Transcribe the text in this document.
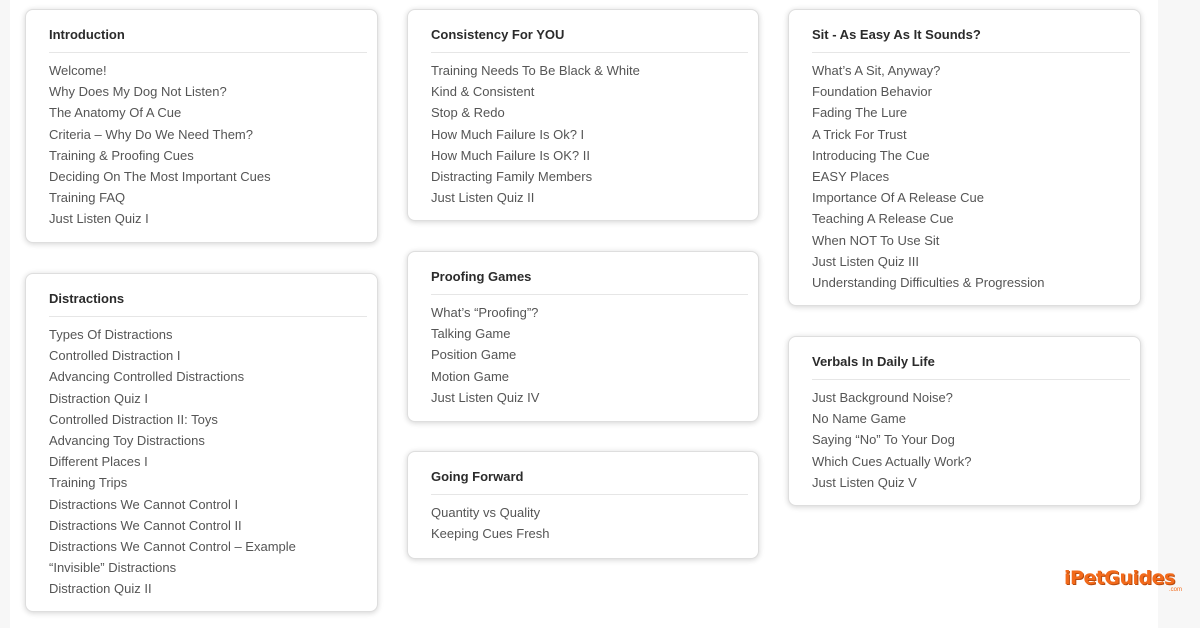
Introduction
Welcome!
Why Does My Dog Not Listen?
The Anatomy Of A Cue
Criteria – Why Do We Need Them?
Training & Proofing Cues
Deciding On The Most Important Cues
Training FAQ
Just Listen Quiz I
Distractions
Types Of Distractions
Controlled Distraction I
Advancing Controlled Distractions
Distraction Quiz I
Controlled Distraction II: Toys
Advancing Toy Distractions
Different Places I
Training Trips
Distractions We Cannot Control I
Distractions We Cannot Control II
Distractions We Cannot Control – Example
“Invisible” Distractions
Distraction Quiz II
Consistency For YOU
Training Needs To Be Black & White
Kind & Consistent
Stop & Redo
How Much Failure Is Ok? I
How Much Failure Is OK? II
Distracting Family Members
Just Listen Quiz II
Proofing Games
What’s “Proofing”?
Talking Game
Position Game
Motion Game
Just Listen Quiz IV
Going Forward
Quantity vs Quality
Keeping Cues Fresh
Sit - As Easy As It Sounds?
What’s A Sit, Anyway?
Foundation Behavior
Fading The Lure
A Trick For Trust
Introducing The Cue
EASY Places
Importance Of A Release Cue
Teaching A Release Cue
When NOT To Use Sit
Just Listen Quiz III
Understanding Difficulties & Progression
Verbals In Daily Life
Just Background Noise?
No Name Game
Saying “No” To Your Dog
Which Cues Actually Work?
Just Listen Quiz V
iPetGuides
.com
